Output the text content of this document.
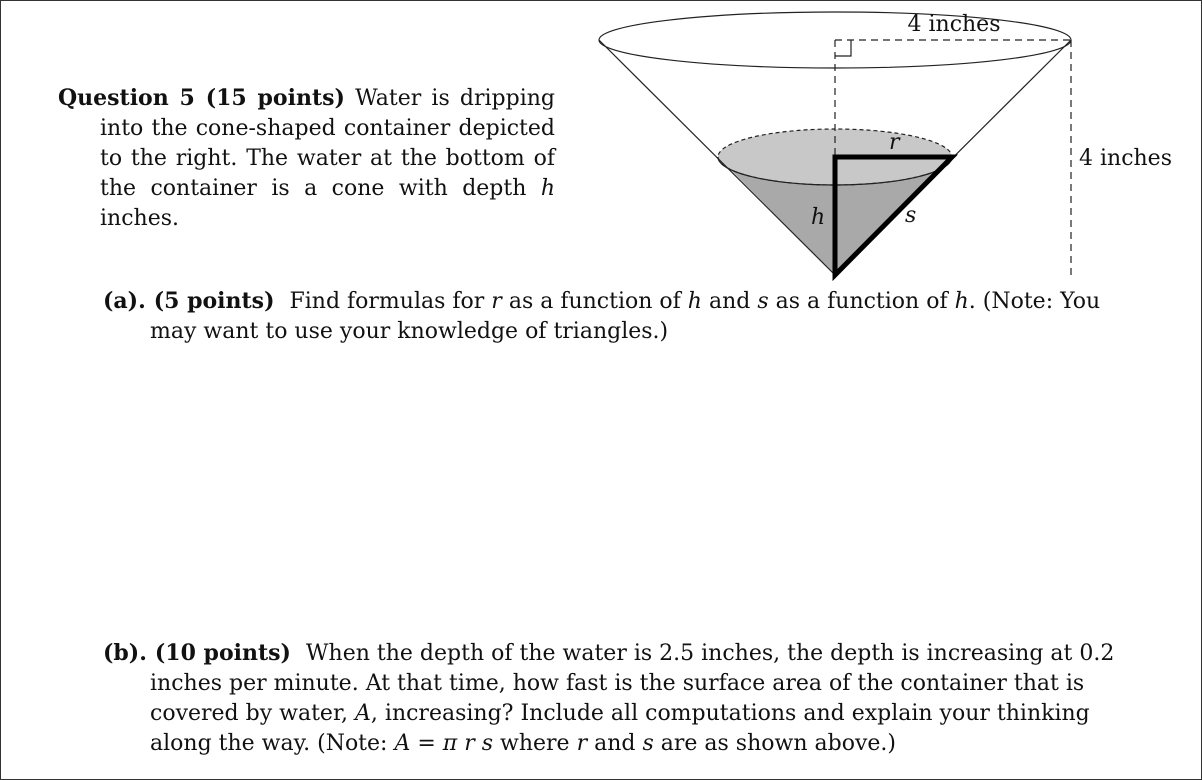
4 inches
4 inches
r
h	s
Question 5 (15 points) Water is dripping into the cone-shaped container depicted to the right. The water at the bottom of the container is a cone with depth h inches.
(a). (5 points) Find formulas for r as a function of h and s as a function of h. (Note: You may want to use your knowledge of triangles.)
(b). (10 points) When the depth of the water is 2.5 inches, the depth is increasing at 0.2 inches per minute. At that time, how fast is the surface area of the container that is covered by water, A, increasing? Include all computations and explain your thinking along the way. (Note: A = π r s where r and s are as shown above.)
